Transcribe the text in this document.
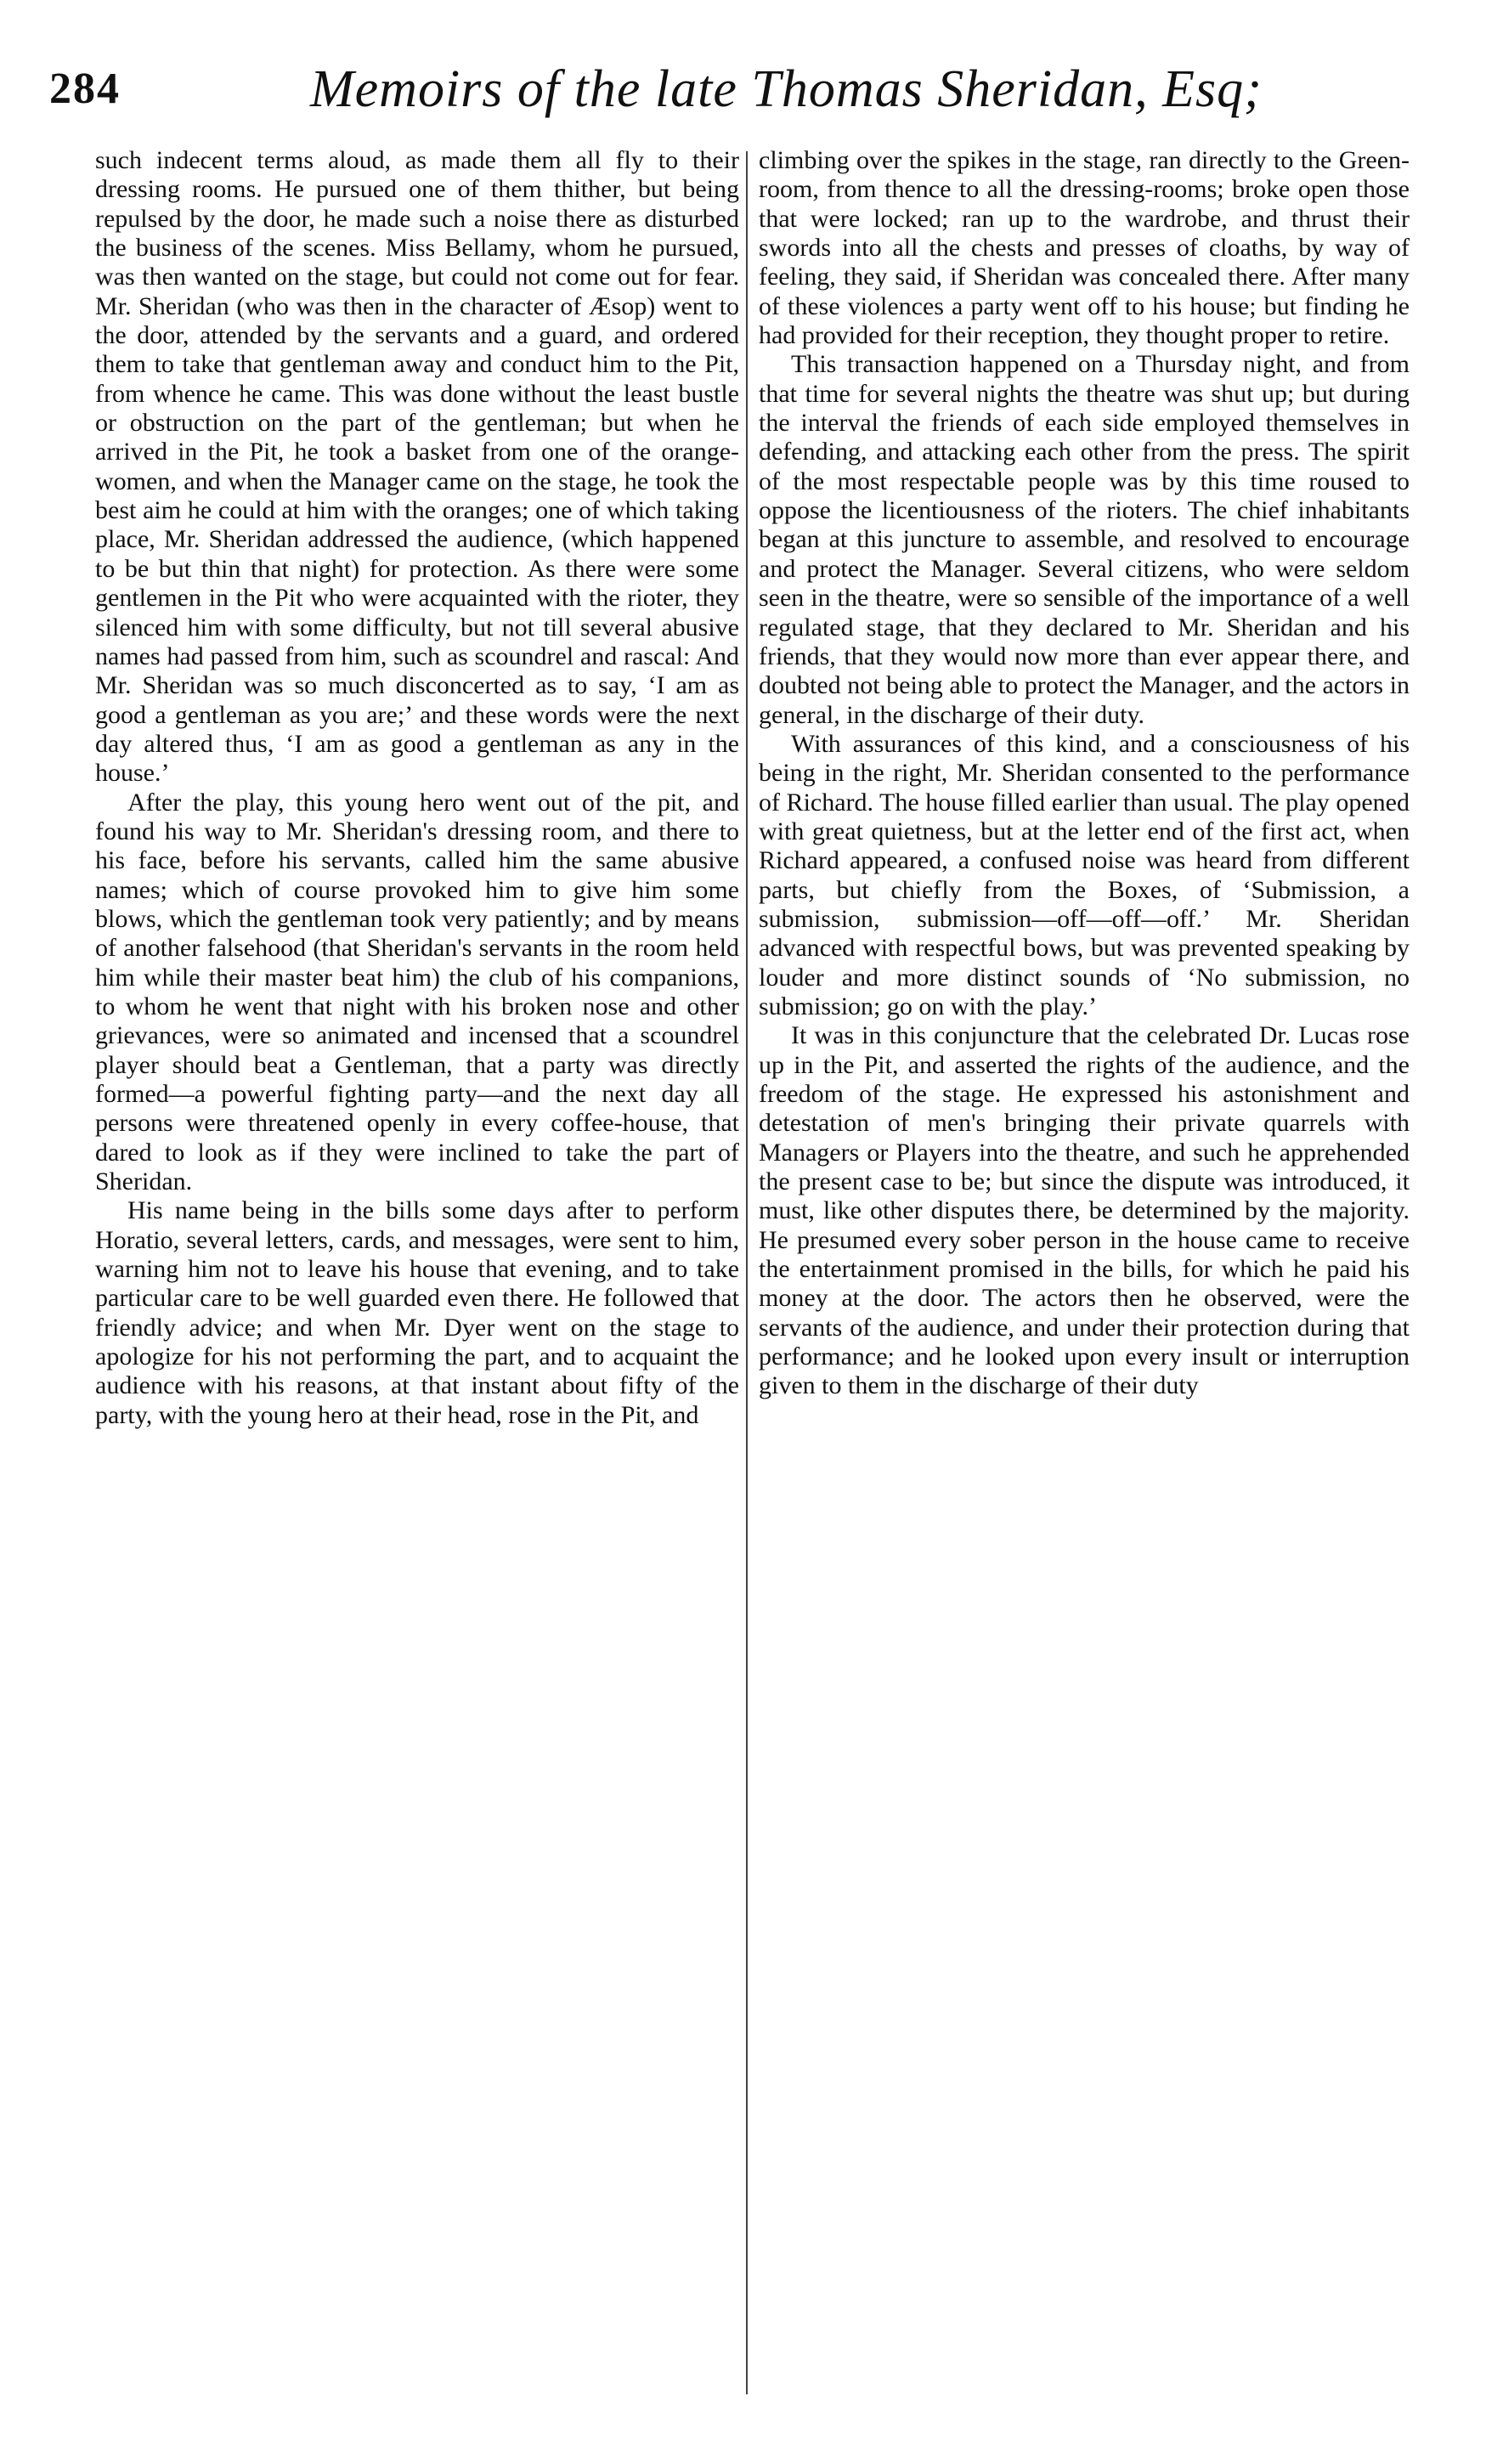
284	Memoirs of the late Thomas Sheridan, Esq;

such indecent terms aloud, as made them all fly to their dressing rooms. He pursued one of them thither, but being repulsed by the door, he made such a noise there as disturbed the business of the scenes. Miss Bellamy, whom he pursued, was then wanted on the stage, but could not come out for fear. Mr. Sheridan (who was then in the character of Æsop) went to the door, attended by the servants and a guard, and ordered them to take that gentleman away and conduct him to the Pit, from whence he came. This was done without the least bustle or obstruction on the part of the gentleman; but when he arrived in the Pit, he took a basket from one of the orange-women, and when the Manager came on the stage, he took the best aim he could at him with the oranges; one of which taking place, Mr. Sheridan addressed the audience, (which happened to be but thin that night) for protection. As there were some gentlemen in the Pit who were acquainted with the rioter, they silenced him with some difficulty, but not till several abusive names had passed from him, such as scoundrel and rascal: And Mr. Sheridan was so much disconcerted as to say, ‘I am as good a gentleman as you are;’ and these words were the next day altered thus, ‘I am as good a gentleman as any in the house.’

After the play, this young hero went out of the pit, and found his way to Mr. Sheridan's dressing room, and there to his face, before his servants, called him the same abusive names; which of course provoked him to give him some blows, which the gentleman took very patiently; and by means of another falsehood (that Sheridan's servants in the room held him while their master beat him) the club of his companions, to whom he went that night with his broken nose and other grievances, were so animated and incensed that a scoundrel player should beat a Gentleman, that a party was directly formed—a powerful fighting party—and the next day all persons were threatened openly in every coffee-house, that dared to look as if they were inclined to take the part of Sheridan.

His name being in the bills some days after to perform Horatio, several letters, cards, and messages, were sent to him, warning him not to leave his house that evening, and to take particular care to be well guarded even there. He followed that friendly advice; and when Mr. Dyer went on the stage to apologize for his not performing the part, and to acquaint the audience with his reasons, at that instant about fifty of the party, with the young hero at their head, rose in the Pit, and

climbing over the spikes in the stage, ran directly to the Green-room, from thence to all the dressing-rooms; broke open those that were locked; ran up to the wardrobe, and thrust their swords into all the chests and presses of cloaths, by way of feeling, they said, if Sheridan was concealed there. After many of these violences a party went off to his house; but finding he had provided for their reception, they thought proper to retire.

This transaction happened on a Thursday night, and from that time for several nights the theatre was shut up; but during the interval the friends of each side employed themselves in defending, and attacking each other from the press. The spirit of the most respectable people was by this time roused to oppose the licentiousness of the rioters. The chief inhabitants began at this juncture to assemble, and resolved to encourage and protect the Manager. Several citizens, who were seldom seen in the theatre, were so sensible of the importance of a well regulated stage, that they declared to Mr. Sheridan and his friends, that they would now more than ever appear there, and doubted not being able to protect the Manager, and the actors in general, in the discharge of their duty.

With assurances of this kind, and a consciousness of his being in the right, Mr. Sheridan consented to the performance of Richard. The house filled earlier than usual. The play opened with great quietness, but at the letter end of the first act, when Richard appeared, a confused noise was heard from different parts, but chiefly from the Boxes, of ‘Submission, a submission, submission—off—off—off.’ Mr. Sheridan advanced with respectful bows, but was prevented speaking by louder and more distinct sounds of ‘No submission, no submission; go on with the play.’

It was in this conjuncture that the celebrated Dr. Lucas rose up in the Pit, and asserted the rights of the audience, and the freedom of the stage. He expressed his astonishment and detestation of men's bringing their private quarrels with Managers or Players into the theatre, and such he apprehended the present case to be; but since the dispute was introduced, it must, like other disputes there, be determined by the majority. He presumed every sober person in the house came to receive the entertainment promised in the bills, for which he paid his money at the door. The actors then he observed, were the servants of the audience, and under their protection during that performance; and he looked upon every insult or interruption given to them in the discharge of their duty
